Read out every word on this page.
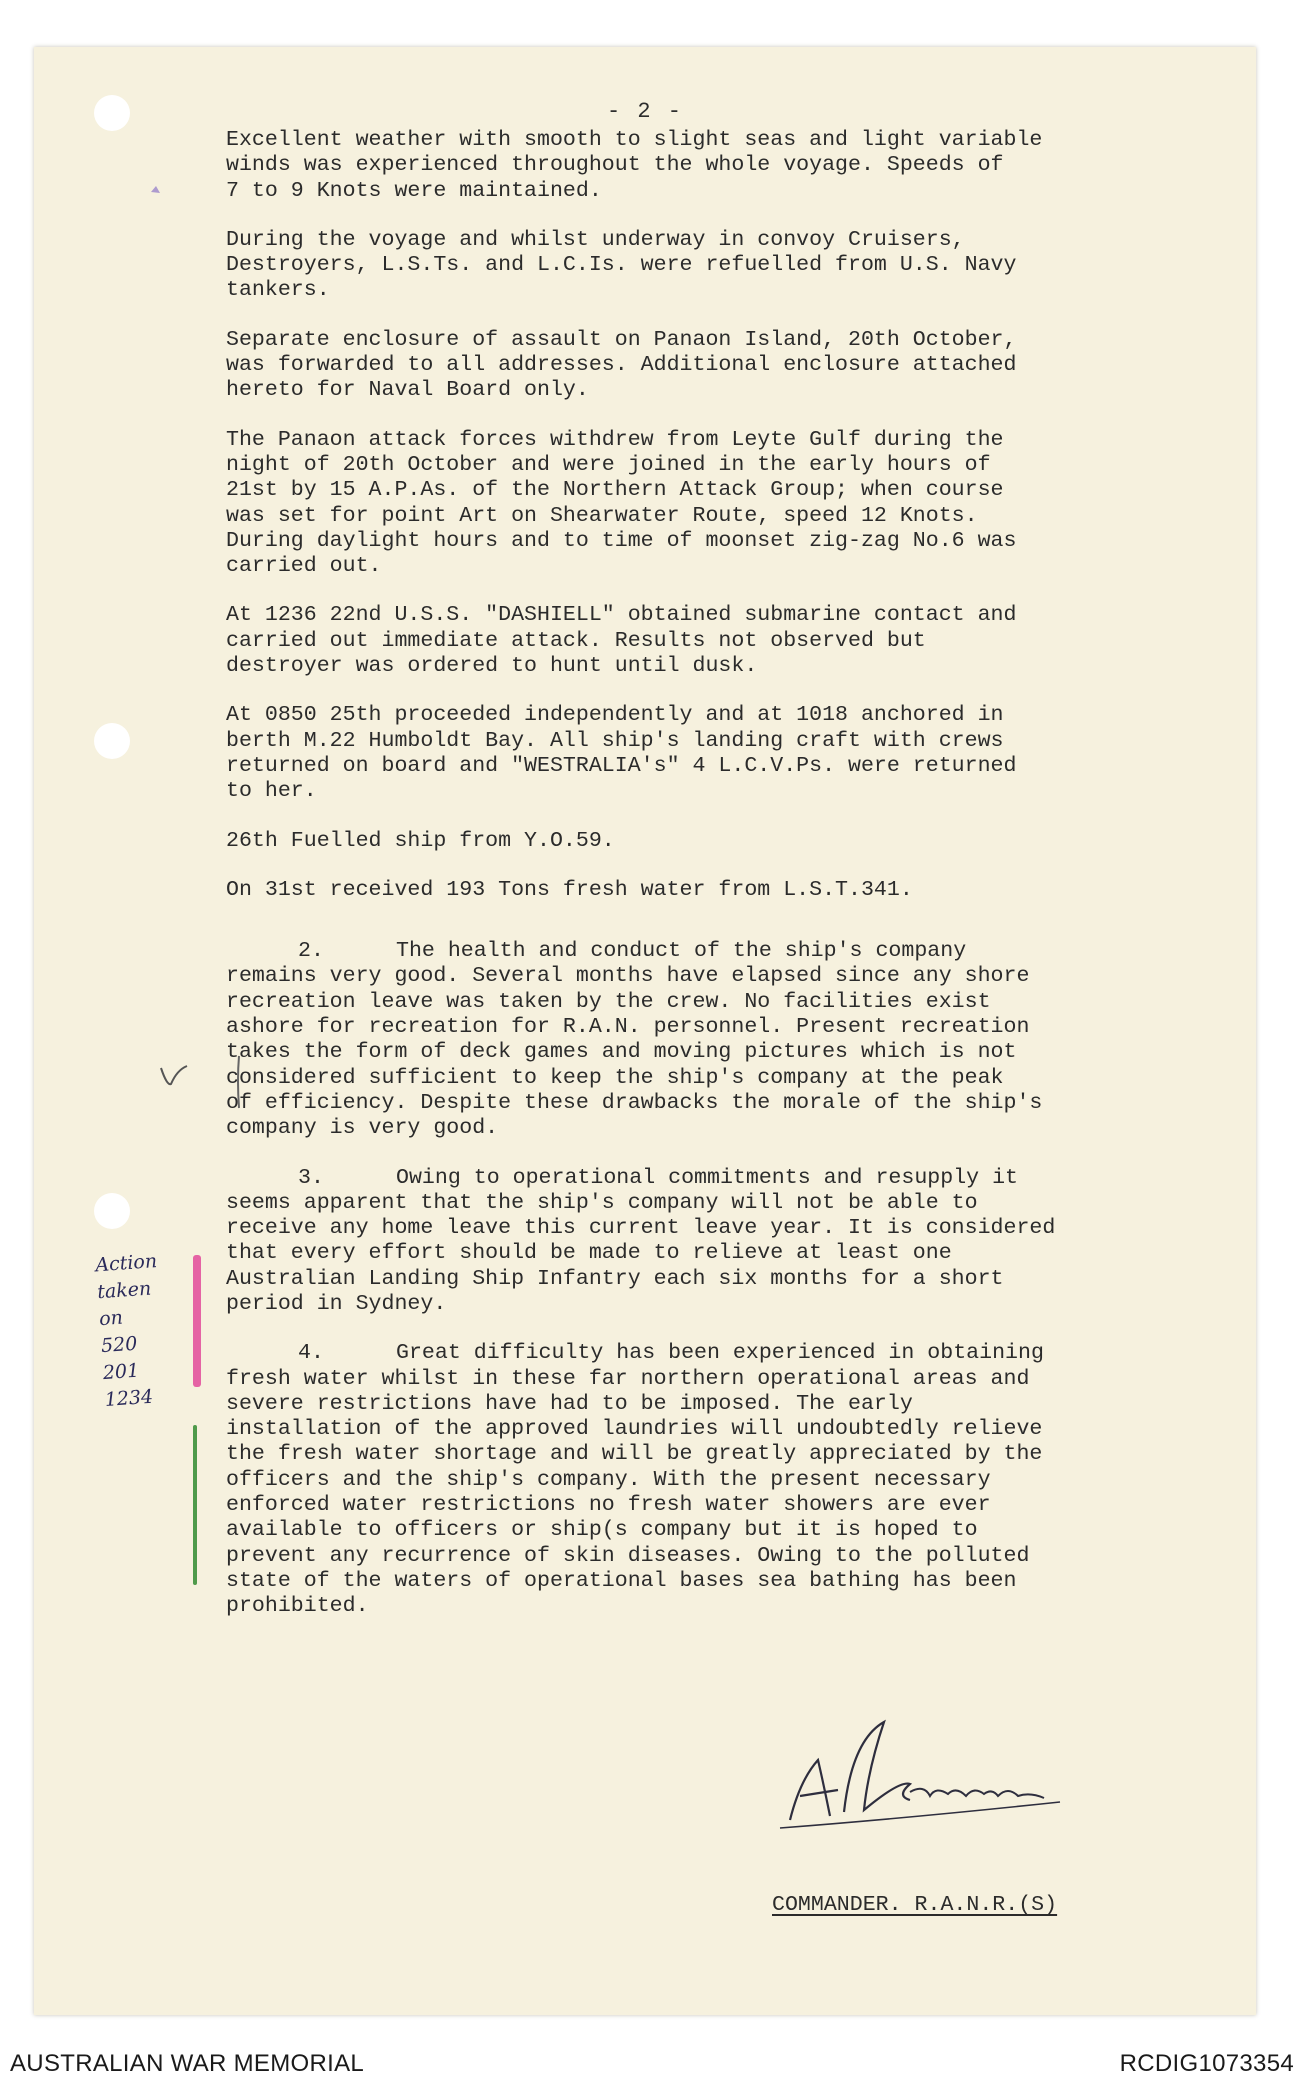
- 2 -

Excellent weather with smooth to slight seas and light variable
winds was experienced throughout the whole voyage. Speeds of
7 to 9 Knots were maintained.

During the voyage and whilst underway in convoy Cruisers,
Destroyers, L.S.Ts. and L.C.Is. were refuelled from U.S. Navy
tankers.

Separate enclosure of assault on Panaon Island, 20th October,
was forwarded to all addresses. Additional enclosure attached
hereto for Naval Board only.

The Panaon attack forces withdrew from Leyte Gulf during the
night of 20th October and were joined in the early hours of
21st by 15 A.P.As. of the Northern Attack Group; when course
was set for point Art on Shearwater Route, speed 12 Knots.
During daylight hours and to time of moonset zig-zag No.6 was
carried out.

At 1236 22nd U.S.S. "DASHIELL" obtained submarine contact and
carried out immediate attack. Results not observed but
destroyer was ordered to hunt until dusk.

At 0850 25th proceeded independently and at 1018 anchored in
berth M.22 Humboldt Bay. All ship's landing craft with crews
returned on board and "WESTRALIA's" 4 L.C.V.Ps. were returned
to her.

26th Fuelled ship from Y.O.59.

On 31st received 193 Tons fresh water from L.S.T.341.

2.	The health and conduct of the ship's company
remains very good. Several months have elapsed since any shore
recreation leave was taken by the crew. No facilities exist
ashore for recreation for R.A.N. personnel. Present recreation
takes the form of deck games and moving pictures which is not
considered sufficient to keep the ship's company at the peak
of efficiency. Despite these drawbacks the morale of the ship's
company is very good.
3.	Owing to operational commitments and resupply it
seems apparent that the ship's company will not be able to
receive any home leave this current leave year. It is considered
that every effort should be made to relieve at least one
Australian Landing Ship Infantry each six months for a short
period in Sydney.
4.	Great difficulty has been experienced in obtaining
fresh water whilst in these far northern operational areas and
severe restrictions have had to be imposed. The early
installation of the approved laundries will undoubtedly relieve
the fresh water shortage and will be greatly appreciated by the
officers and the ship's company. With the present necessary
enforced water restrictions no fresh water showers are ever
available to officers or ship(s company but it is hoped to
prevent any recurrence of skin diseases. Owing to the polluted
state of the waters of operational bases sea bathing has been
prohibited.
Action
taken
on
520
201
1234
A. Cousin
COMMANDER. R.A.N.R.(S)
AUSTRALIAN WAR MEMORIAL	RCDIG1073354
